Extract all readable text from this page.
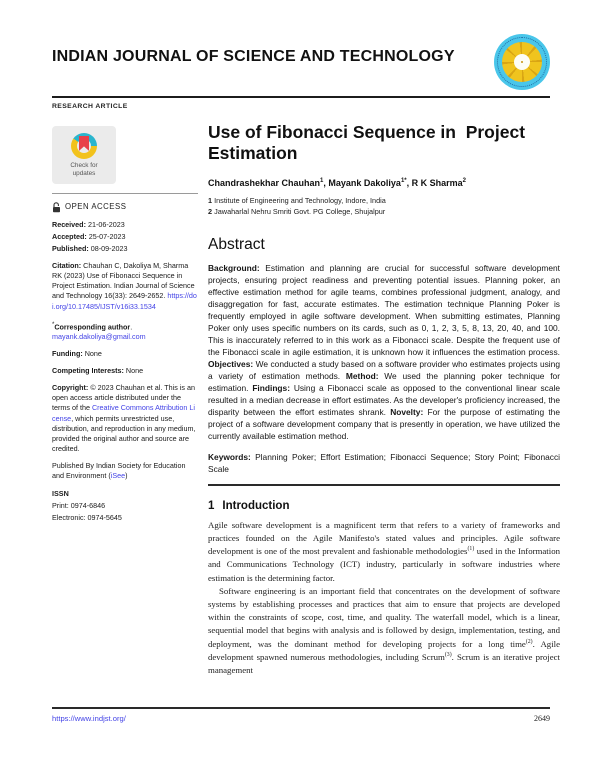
INDIAN JOURNAL OF SCIENCE AND TECHNOLOGY
RESEARCH ARTICLE
Check for
updates
OPEN ACCESS

Received: 21-06-2023

Accepted: 25-07-2023

Published: 08-09-2023

Citation: Chauhan C, Dakoliya M, Sharma RK (2023) Use of Fibonacci Sequence in Project Estimation. Indian Journal of Science and Technology 16(33): 2649-2652. https://doi.org/10.17485/IJST/v16i33.1534

*Corresponding author.

mayank.dakoliya@gmail.com

Funding: None

Competing Interests: None

Copyright: © 2023 Chauhan et al. This is an open access article distributed under the terms of the Creative Commons Attribution License, which permits unrestricted use, distribution, and reproduction in any medium, provided the original author and source are credited.

Published By Indian Society for Education and Environment (iSee)

ISSN

Print: 0974-6846

Electronic: 0974-5645

Use of Fibonacci Sequence in  Project Estimation
Chandrashekhar Chauhan$^1$, Mayank Dakoliya$^{1*}$, R K Sharma$^2$
1 Institute of Engineering and Technology, Indore, India
2 Jawaharlal Nehru Smriti Govt. PG College, Shujalpur
Abstract

Background: Estimation and planning are crucial for successful software development projects, ensuring project readiness and preventing potential issues. Planning poker, an effective estimation method for agile teams, combines professional judgment, analogy, and disaggregation for fast, accurate estimates. The estimation technique Planning Poker is frequently employed in agile software development. When submitting estimates, Planning Poker only uses specific numbers on its cards, such as 0, 1, 2, 3, 5, 8, 13, 20, 40, and 100. This is inaccurately referred to in this work as a Fibonacci scale. Despite the frequent use of the Fibonacci scale in agile estimation, it is unknown how it influences the estimation process. Objectives: We conducted a study based on a software provider who estimates projects using a variety of estimation methods. Method: We used the planning poker technique for estimation. Findings: Using a Fibonacci scale as opposed to the conventional linear scale resulted in a median decrease in effort estimates. As the developer's proficiency increased, the disparity between the effort estimates shrank. Novelty: For the purpose of estimating the project of a software development company that is presently in operation, we have utilized the currently available estimation method.

Keywords: Planning Poker; Effort Estimation; Fibonacci Sequence; Story Point; Fibonacci Scale

1 Introduction

Agile software development is a magnificent term that refers to a variety of frameworks and practices founded on the Agile Manifesto's stated values and principles. Agile software development is one of the most prevalent and fashionable methodologies$^{(1)}$ used in the Information and Communications Technology (ICT) industry, particularly in software industries where estimation is the determining factor.

Software engineering is an important field that concentrates on the development of software systems by establishing processes and practices that aim to ensure that projects are developed within the constraints of scope, cost, time, and quality. The waterfall model, which is a linear, sequential model that begins with analysis and is followed by design, implementation, testing, and deployment, was the dominant method for developing projects for a long time$^{(2)}$. Agile development spawned numerous methodologies, including Scrum$^{(3)}$. Scrum is an iterative project management

https://www.indjst.org/	2649
